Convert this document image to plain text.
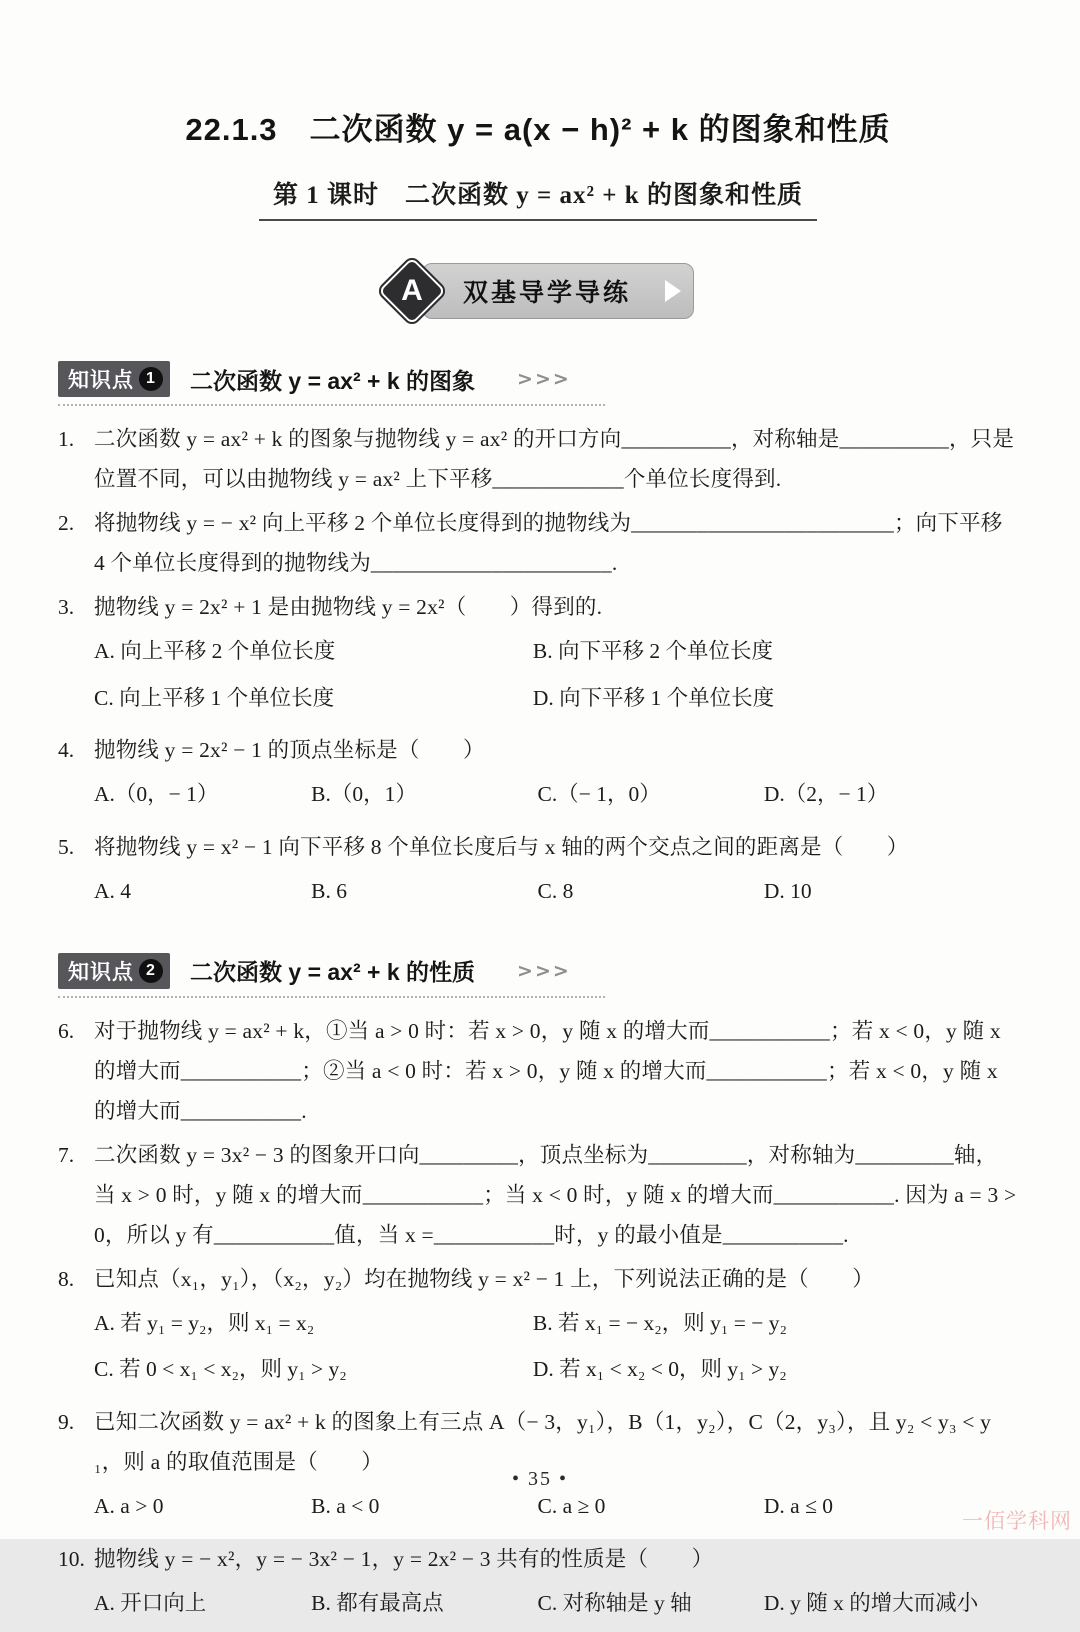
22.1.3　二次函数 y = a(x − h)² + k 的图象和性质
第 1 课时　二次函数 y = ax² + k 的图象和性质
A	双基导学导练
知识点 1	二次函数 y = ax² + k 的图象 >>>
1. 二次函数 y = ax² + k 的图象与抛物线 y = ax² 的开口方向__________，对称轴是__________，只是位置不同，可以由抛物线 y = ax² 上下平移____________个单位长度得到.
2. 将抛物线 y = − x² 向上平移 2 个单位长度得到的抛物线为________________________；向下平移 4 个单位长度得到的抛物线为______________________.
3. 抛物线 y = 2x² + 1 是由抛物线 y = 2x²（　　）得到的.
A. 向上平移 2 个单位长度	B. 向下平移 2 个单位长度
C. 向上平移 1 个单位长度	D. 向下平移 1 个单位长度
4. 抛物线 y = 2x² − 1 的顶点坐标是（　　）
A.（0，− 1）	B.（0，1）	C.（− 1，0）	D.（2，− 1）
5. 将抛物线 y = x² − 1 向下平移 8 个单位长度后与 x 轴的两个交点之间的距离是（　　）
A. 4	B. 6	C. 8	D. 10
知识点 2	二次函数 y = ax² + k 的性质 >>>
6. 对于抛物线 y = ax² + k，①当 a > 0 时：若 x > 0，y 随 x 的增大而___________；若 x < 0，y 随 x 的增大而___________；②当 a < 0 时：若 x > 0，y 随 x 的增大而___________；若 x < 0，y 随 x 的增大而___________.
7. 二次函数 y = 3x² − 3 的图象开口向_________，顶点坐标为_________，对称轴为_________轴，当 x > 0 时，y 随 x 的增大而___________；当 x < 0 时，y 随 x 的增大而___________. 因为 a = 3 > 0，所以 y 有___________值，当 x =___________时，y 的最小值是___________.
8. 已知点（x₁，y₁），（x₂，y₂）均在抛物线 y = x² − 1 上，下列说法正确的是（　　）
A. 若 y₁ = y₂，则 x₁ = x₂	B. 若 x₁ = − x₂，则 y₁ = − y₂
C. 若 0 < x₁ < x₂，则 y₁ > y₂	D. 若 x₁ < x₂ < 0，则 y₁ > y₂
9. 已知二次函数 y = ax² + k 的图象上有三点 A（− 3，y₁），B（1，y₂），C（2，y₃），且 y₂ < y₃ < y₁，则 a 的取值范围是（　　）
A. a > 0	B. a < 0	C. a ≥ 0	D. a ≤ 0
10. 抛物线 y = − x²，y = − 3x² − 1，y = 2x² − 3 共有的性质是（　　）
A. 开口向上	B. 都有最高点	C. 对称轴是 y 轴	D. y 随 x 的增大而减小
• 35 •
一佰学科网
